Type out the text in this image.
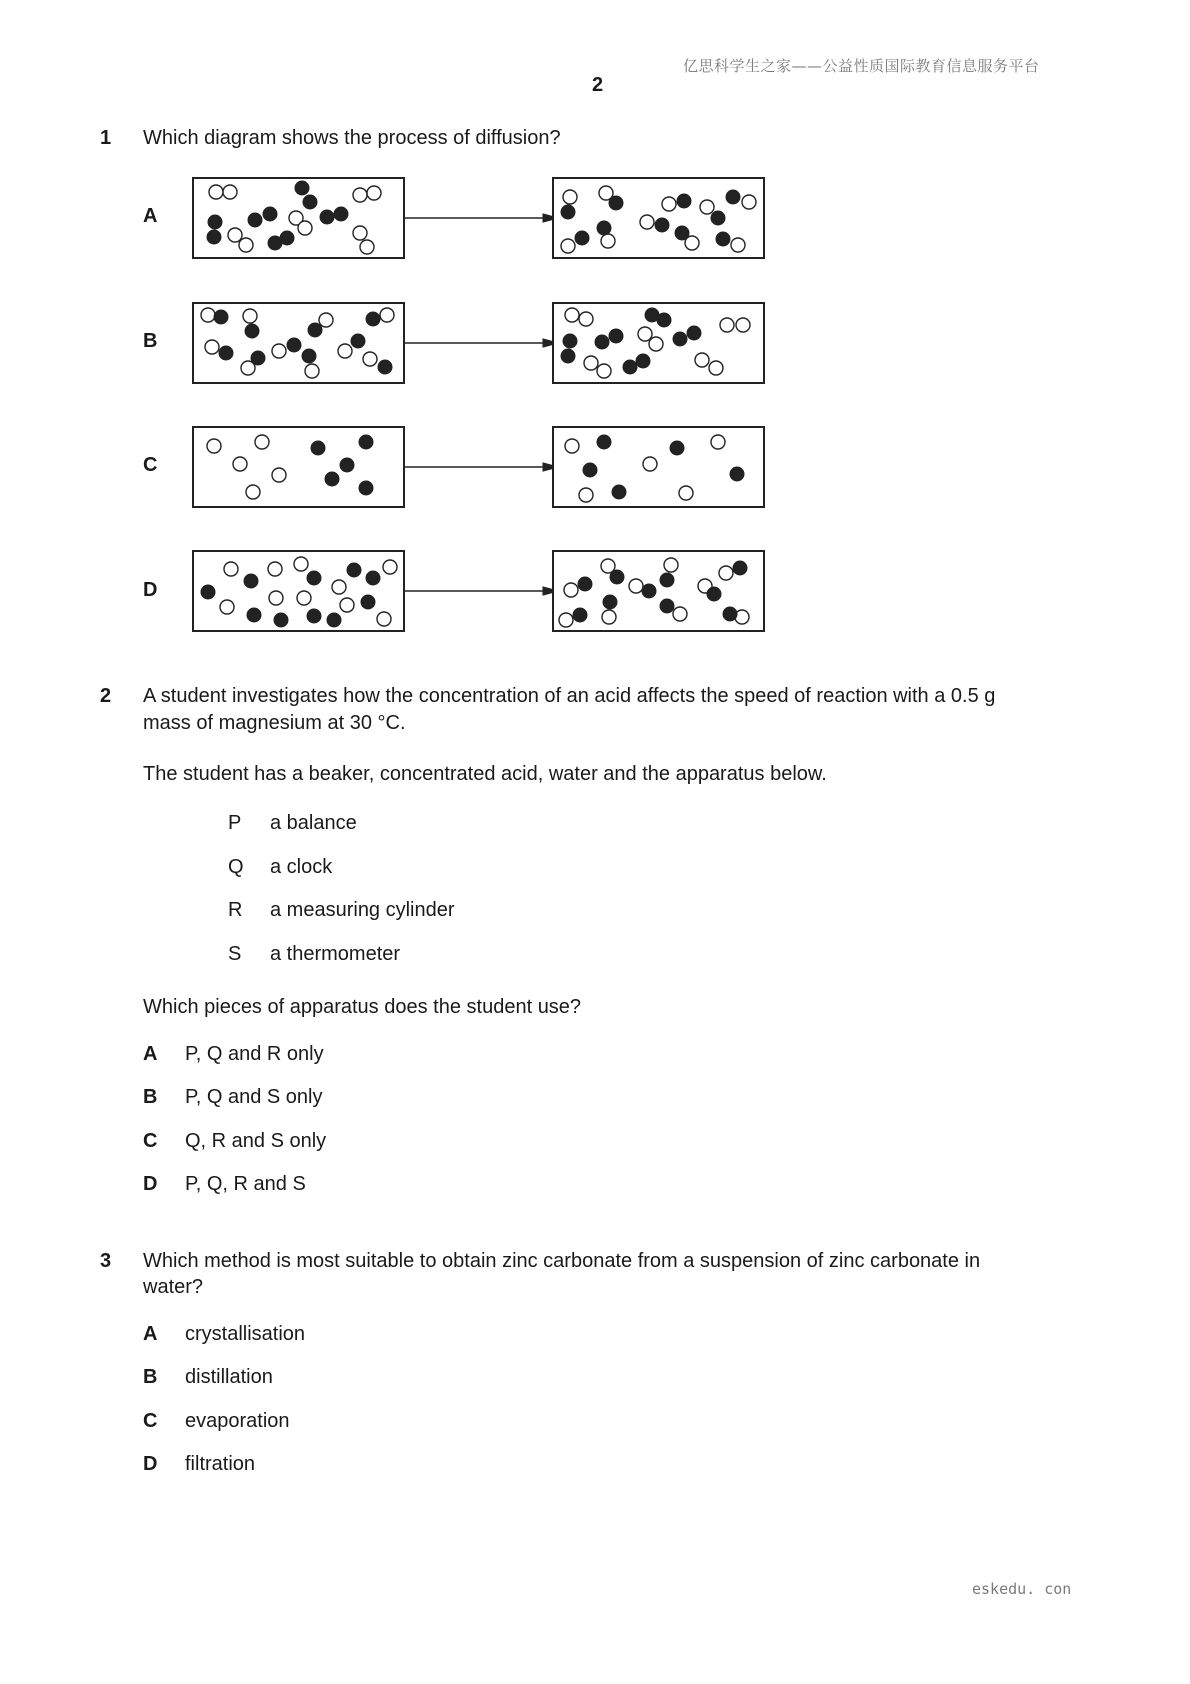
亿思科学生之家——公益性质国际教育信息服务平台
2
1 Which diagram shows the process of diffusion?
A
B
C
D
2 A student investigates how the concentration of an acid affects the speed of reaction with a 0.5 g
mass of magnesium at 30 °C.
The student has a beaker, concentrated acid, water and the apparatus below.
P a balance
Q a clock
R a measuring cylinder
S a thermometer
Which pieces of apparatus does the student use?
A P, Q and R only
B P, Q and S only
C Q, R and S only
D P, Q, R and S
3 Which method is most suitable to obtain zinc carbonate from a suspension of zinc carbonate in
water?
A crystallisation
B distillation
C evaporation
D filtration
eskedu. con
